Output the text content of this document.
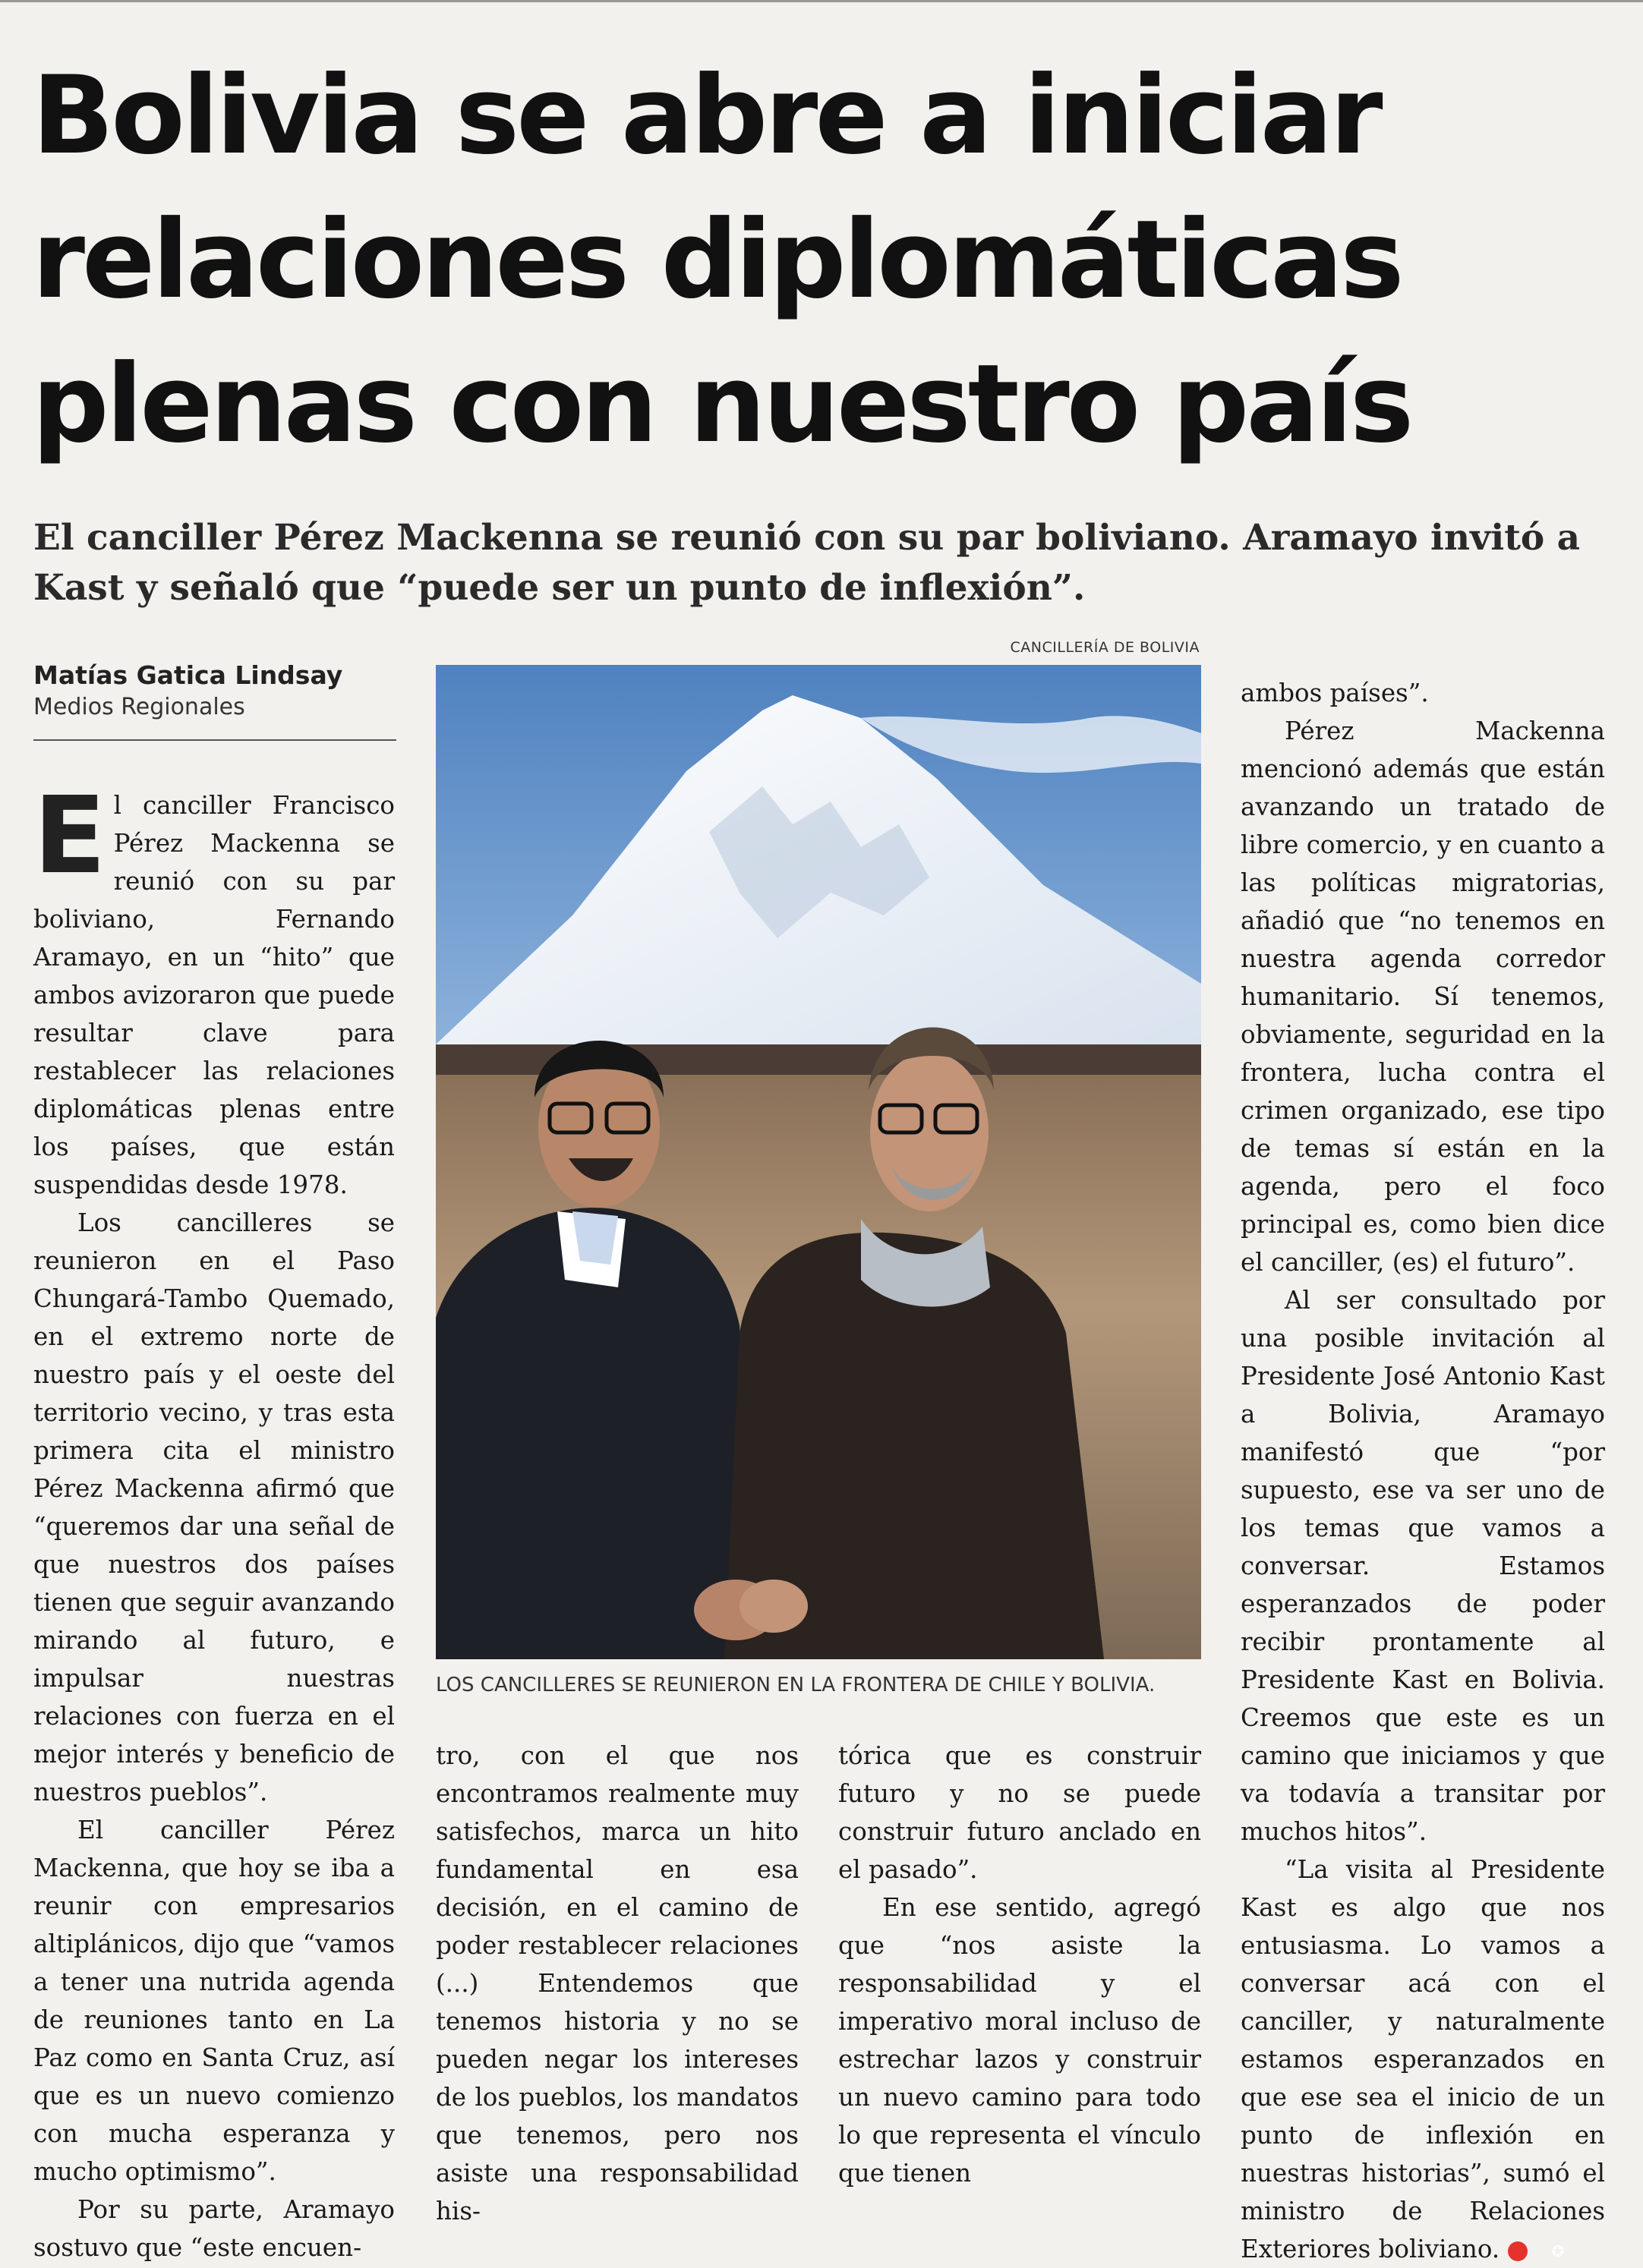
Bolivia se abre a iniciar
relaciones diplomáticas
plenas con nuestro país

El canciller Pérez Mackenna se reunió con su par boliviano. Aramayo invitó a Kast y señaló que “puede ser un punto de inflexión”.

Matías Gatica Lindsay
Medios Regionales
CANCILLERÍA DE BOLIVIA
LOS CANCILLERES SE REUNIERON EN LA FRONTERA DE CHILE Y BOLIVIA.

El canciller Francisco Pérez Mackenna se reunió con su par boliviano, Fernando Aramayo, en un “hito” que ambos avizoraron que puede resultar clave para restablecer las relaciones diplomáticas plenas entre los países, que están suspendidas desde 1978.

Los cancilleres se reunieron en el Paso Chungará-Tambo Quemado, en el extremo norte de nuestro país y el oeste del territorio vecino, y tras esta primera cita el ministro Pérez Mackenna afirmó que “queremos dar una señal de que nuestros dos países tienen que seguir avanzando mirando al futuro, e impulsar nuestras relaciones con fuerza en el mejor interés y beneficio de nuestros pueblos”.

El canciller Pérez Mackenna, que hoy se iba a reunir con empresarios altiplánicos, dijo que “vamos a tener una nutrida agenda de reuniones tanto en La Paz como en Santa Cruz, así que es un nuevo comienzo con mucha esperanza y mucho optimismo”.

Por su parte, Aramayo sostuvo que “este encuen-

tro, con el que nos encontramos realmente muy satisfechos, marca un hito fundamental en esa decisión, en el camino de poder restablecer relaciones (...) Entendemos que tenemos historia y no se pueden negar los intereses de los pueblos, los mandatos que tenemos, pero nos asiste una responsabilidad his-

tórica que es construir futuro y no se puede construir futuro anclado en el pasado”.

En ese sentido, agregó que “nos asiste la responsabilidad y el imperativo moral incluso de estrechar lazos y construir un nuevo camino para todo lo que representa el vínculo que tienen

ambos países”.

Pérez Mackenna mencionó además que están avanzando un tratado de libre comercio, y en cuanto a las políticas migratorias, añadió que “no tenemos en nuestra agenda corredor humanitario. Sí tenemos, obviamente, seguridad en la frontera, lucha contra el crimen organizado, ese tipo de temas sí están en la agenda, pero el foco principal es, como bien dice el canciller, (es) el futuro”.

Al ser consultado por una posible invitación al Presidente José Antonio Kast a Bolivia, Aramayo manifestó que “por supuesto, ese va ser uno de los temas que vamos a conversar. Estamos esperanzados de poder recibir prontamente al Presidente Kast en Bolivia. Creemos que este es un camino que iniciamos y que va todavía a transitar por muchos hitos”.

“La visita al Presidente Kast es algo que nos entusiasma. Lo vamos a conversar acá con el canciller, y naturalmente estamos esperanzados en que ese sea el inicio de un punto de inflexión en nuestras historias”, sumó el ministro de Relaciones Exteriores boliviano.	✪
